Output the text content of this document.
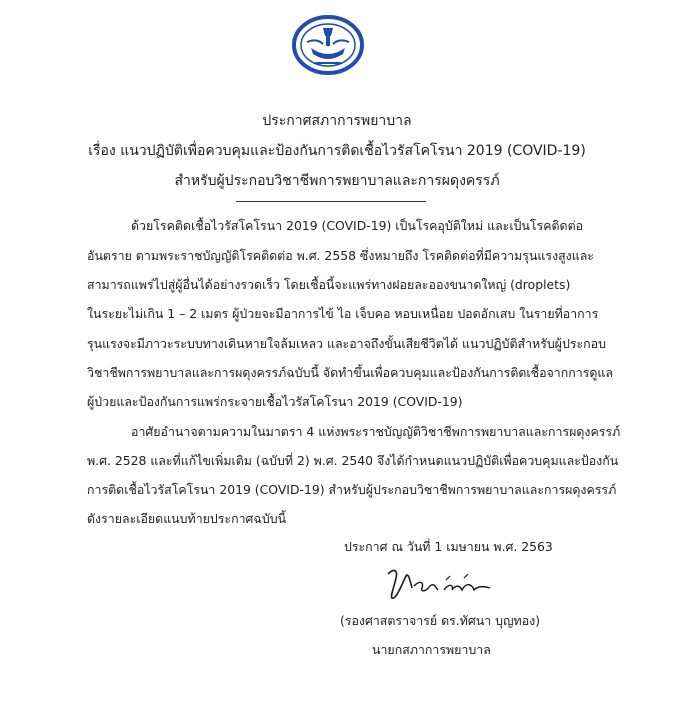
ประกาศสภาการพยาบาล
เรื่อง แนวปฏิบัติเพื่อควบคุมและป้องกันการติดเชื้อไวรัสโคโรนา 2019 (COVID-19)
สำหรับผู้ประกอบวิชาชีพการพยาบาลและการผดุงครรภ์
ด้วยโรคติดเชื้อไวรัสโคโรนา 2019 (COVID-19) เป็นโรคอุบัติใหม่ และเป็นโรคติดต่อ
อันตราย ตามพระราชบัญญัติโรคติดต่อ พ.ศ. 2558 ซึ่งหมายถึง โรคติดต่อที่มีความรุนแรงสูงและ
สามารถแพร่ไปสู่ผู้อื่นได้อย่างรวดเร็ว โดยเชื้อนี้จะแพร่ทางฝอยละอองขนาดใหญ่ (droplets)
ในระยะไม่เกิน 1 – 2 เมตร ผู้ป่วยจะมีอาการไข้ ไอ เจ็บคอ หอบเหนื่อย ปอดอักเสบ ในรายที่อาการ
รุนแรงจะมีภาวะระบบทางเดินหายใจล้มเหลว และอาจถึงขั้นเสียชีวิตได้ แนวปฏิบัติสำหรับผู้ประกอบ
วิชาชีพการพยาบาลและการผดุงครรภ์ฉบับนี้ จัดทำขึ้นเพื่อควบคุมและป้องกันการติดเชื้อจากการดูแล
ผู้ป่วยและป้องกันการแพร่กระจายเชื้อไวรัสโคโรนา 2019 (COVID-19)
อาศัยอำนาจตามความในมาตรา 4 แห่งพระราชบัญญัติวิชาชีพการพยาบาลและการผดุงครรภ์
พ.ศ. 2528 และที่แก้ไขเพิ่มเติม (ฉบับที่ 2) พ.ศ. 2540 จึงได้กำหนดแนวปฏิบัติเพื่อควบคุมและป้องกัน
การติดเชื้อไวรัสโคโรนา 2019 (COVID-19) สำหรับผู้ประกอบวิชาชีพการพยาบาลและการผดุงครรภ์
ดังรายละเอียดแนบท้ายประกาศฉบับนี้
ประกาศ ณ วันที่ 1 เมษายน พ.ศ. 2563
(รองศาสตราจารย์ ดร.ทัศนา บุญทอง)
นายกสภาการพยาบาล
